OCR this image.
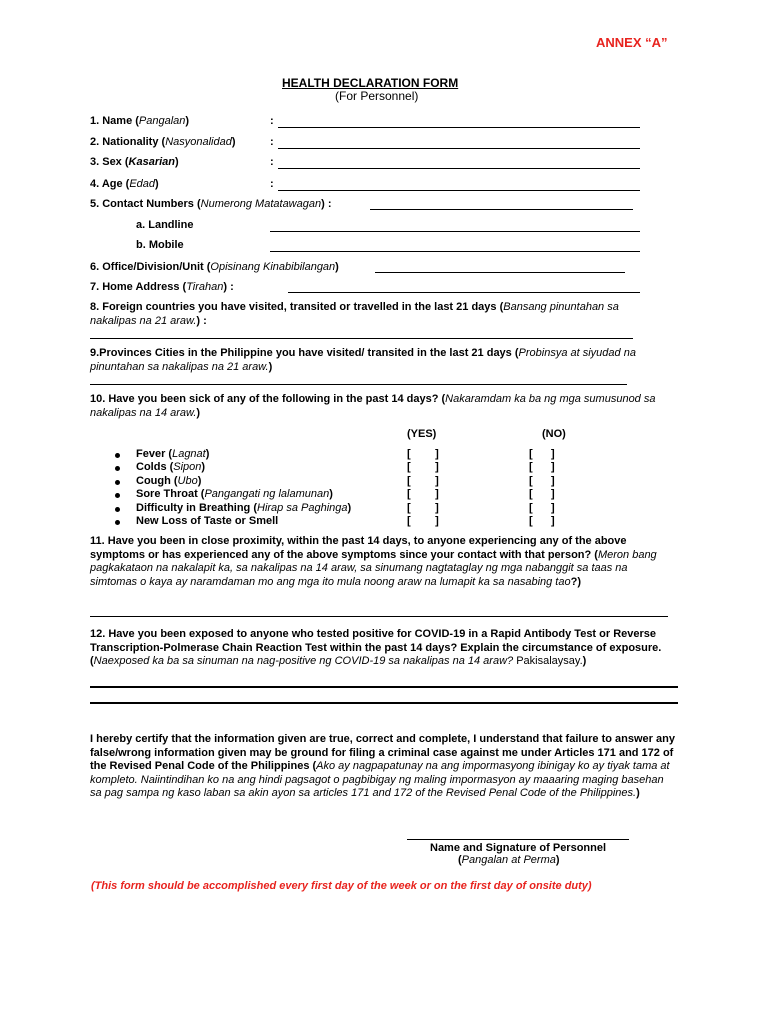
ANNEX “A”
HEALTH DECLARATION FORM
(For Personnel)
1. Name (Pangalan)	:
2. Nationality (Nasyonalidad)	:
3. Sex (Kasarian)	:
4. Age (Edad)	:
5. Contact Numbers (Numerong Matatawagan) :
a. Landline
b. Mobile
6. Office/Division/Unit (Opisinang Kinabibilangan)
7. Home Address (Tirahan) :
8. Foreign countries you have visited, transited or travelled in the last 21 days (Bansang pinuntahan sa nakalipas na 21 araw.) :
9.Provinces Cities in the Philippine you have visited/ transited in the last 21 days (Probinsya at siyudad na pinuntahan sa nakalipas na 21 araw.)
10. Have you been sick of any of the following in the past 14 days? (Nakaramdam ka ba ng mga sumusunod sa nakalipas na 14 araw.)
(YES)	(NO)
Fever (Lagnat)	[        ]	[      ]
Colds (Sipon)	[        ]	[      ]
Cough (Ubo)	[        ]	[      ]
Sore Throat (Pangangati ng lalamunan)	[        ]	[      ]
Difficulty in Breathing (Hirap sa Paghinga)	[        ]	[      ]
New Loss of Taste or Smell	[        ]	[      ]
11. Have you been in close proximity, within the past 14 days, to anyone experiencing any of the above symptoms or has experienced any of the above symptoms since your contact with that person? (Meron bang pagkakataon na nakalapit ka, sa nakalipas na 14 araw, sa sinumang nagtataglay ng mga nabanggit sa taas na simtomas o kaya ay naramdaman mo ang mga ito mula noong araw na lumapit ka sa nasabing tao?)
12. Have you been exposed to anyone who tested positive for COVID-19 in a Rapid Antibody Test or Reverse Transcription-Polmerase Chain Reaction Test within the past 14 days? Explain the circumstance of exposure. (Naexposed ka ba sa sinuman na nag-positive ng COVID-19 sa nakalipas na 14 araw? Pakisalaysay.)
I hereby certify that the information given are true, correct and complete, I understand that failure to answer any false/wrong information given may be ground for filing a criminal case against me under Articles 171 and 172 of the Revised Penal Code of the Philippines (Ako ay nagpapatunay na ang impormasyong ibinigay ko ay tiyak tama at kompleto. Naiintindihan ko na ang hindi pagsagot o pagbibigay ng maling impormasyon ay maaaring maging basehan sa pag sampa ng kaso laban sa akin ayon sa articles 171 and 172 of the Revised Penal Code of the Philippines.)
Name and Signature of Personnel
(Pangalan at Perma)
(This form should be accomplished every first day of the week or on the first day of onsite duty)
